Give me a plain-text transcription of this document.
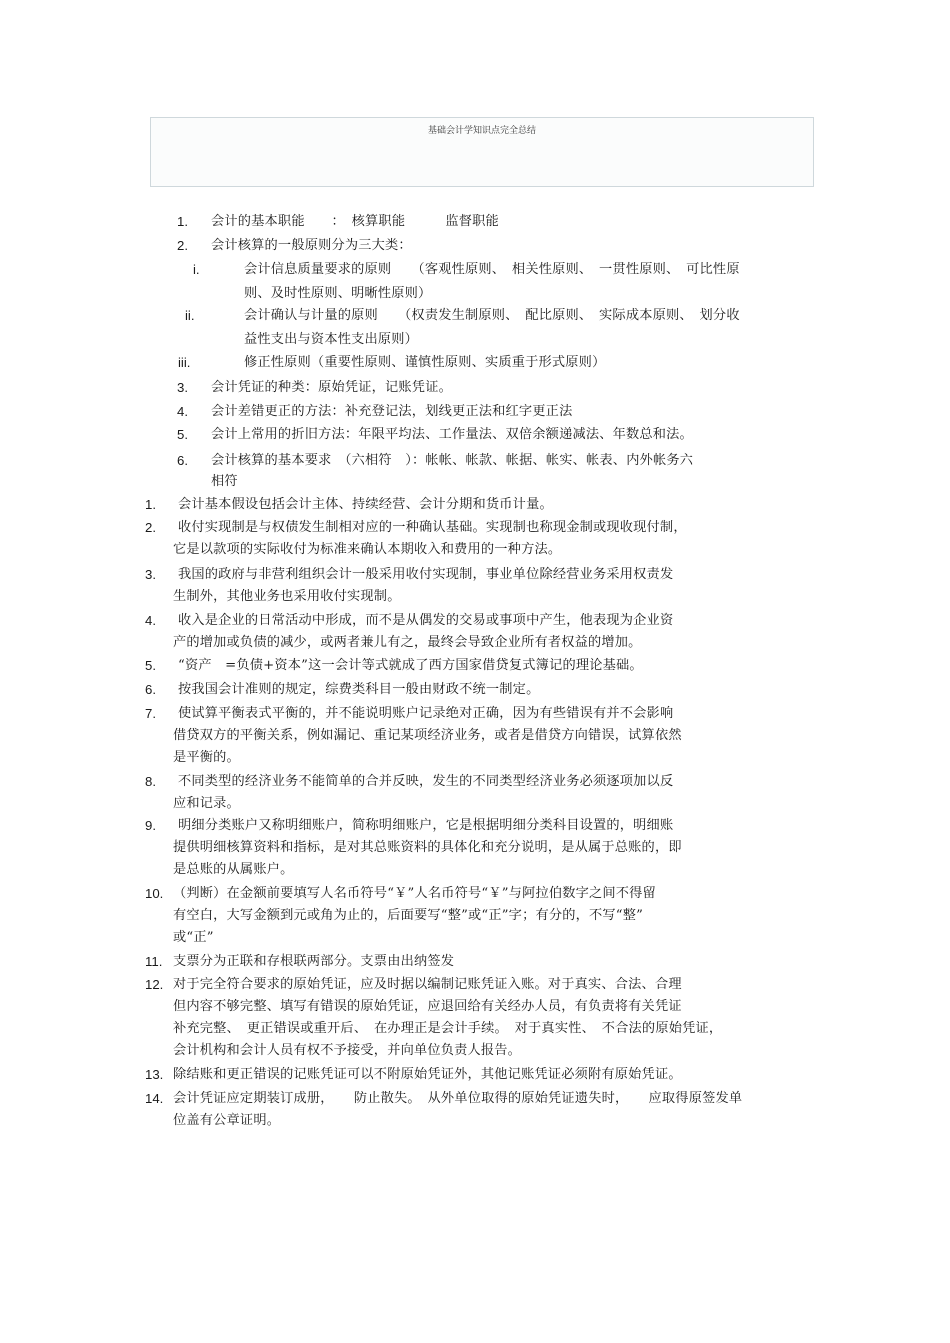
基础会计学知识点完全总结
1. 会计的基本职能　　：　核算职能　　　监督职能
2. 会计核算的一般原则分为三大类：
i.	会计信息质量要求的原则　　（客观性原则、　相关性原则、　一贯性原则、　可比性原
则、及时性原则、明晰性原则）
ii.	会计确认与计量的原则　　（权责发生制原则、　配比原则、　实际成本原则、　划分收
益性支出与资本性支出原则）
iii.	修正性原则（重要性原则、谨慎性原则、实质重于形式原则）
3. 会计凭证的种类：原始凭证，记账凭证。
4. 会计差错更正的方法：补充登记法，划线更正法和红字更正法
5. 会计上常用的折旧方法：年限平均法、工作量法、双倍余额递减法、年数总和法。
6. 会计核算的基本要求　（六相符　）：帐帐、帐款、帐据、帐实、帐表、内外帐务六
相符
1. 会计基本假设包括会计主体、持续经营、会计分期和货币计量。
2. 收付实现制是与权债发生制相对应的一种确认基础。实现制也称现金制或现收现付制，
它是以款项的实际收付为标准来确认本期收入和费用的一种方法。
3. 我国的政府与非营利组织会计一般采用收付实现制，事业单位除经营业务采用权责发
生制外，其他业务也采用收付实现制。
4. 收入是企业的日常活动中形成，而不是从偶发的交易或事项中产生，他表现为企业资
产的增加或负债的减少，或两者兼儿有之，最终会导致企业所有者权益的增加。
5. “资产　=负债+资本”这一会计等式就成了西方国家借贷复式簿记的理论基础。
6. 按我国会计准则的规定，综费类科目一般由财政不统一制定。
7. 使试算平衡表式平衡的，并不能说明账户记录绝对正确，因为有些错误有并不会影响
借贷双方的平衡关系，例如漏记、重记某项经济业务，或者是借贷方向错误，试算依然
是平衡的。
8. 不同类型的经济业务不能简单的合并反映，发生的不同类型经济业务必须逐项加以反
应和记录。
9. 明细分类账户又称明细账户，简称明细账户，它是根据明细分类科目设置的，明细账
提供明细核算资料和指标，是对其总账资料的具体化和充分说明，是从属于总账的，即
是总账的从属账户。
10. （判断）在金额前要填写人名币符号“￥”人名币符号“￥”与阿拉伯数字之间不得留
有空白，大写金额到元或角为止的，后面要写“整”或“正”字；有分的，不写“整”
或“正”
11. 支票分为正联和存根联两部分。支票由出纳签发
12. 对于完全符合要求的原始凭证，应及时据以编制记账凭证入账。对于真实、合法、合理
但内容不够完整、填写有错误的原始凭证，应退回给有关经办人员，有负责将有关凭证
补充完整、　更正错误或重开后、　在办理正是会计手续。　对于真实性、　不合法的原始凭证，
会计机构和会计人员有权不予接受，并向单位负责人报告。
13. 除结账和更正错误的记账凭证可以不附原始凭证外，其他记账凭证必须附有原始凭证。
14. 会计凭证应定期装订成册，　　防止散失。　从外单位取得的原始凭证遗失时，　　应取得原签发单
位盖有公章证明。
